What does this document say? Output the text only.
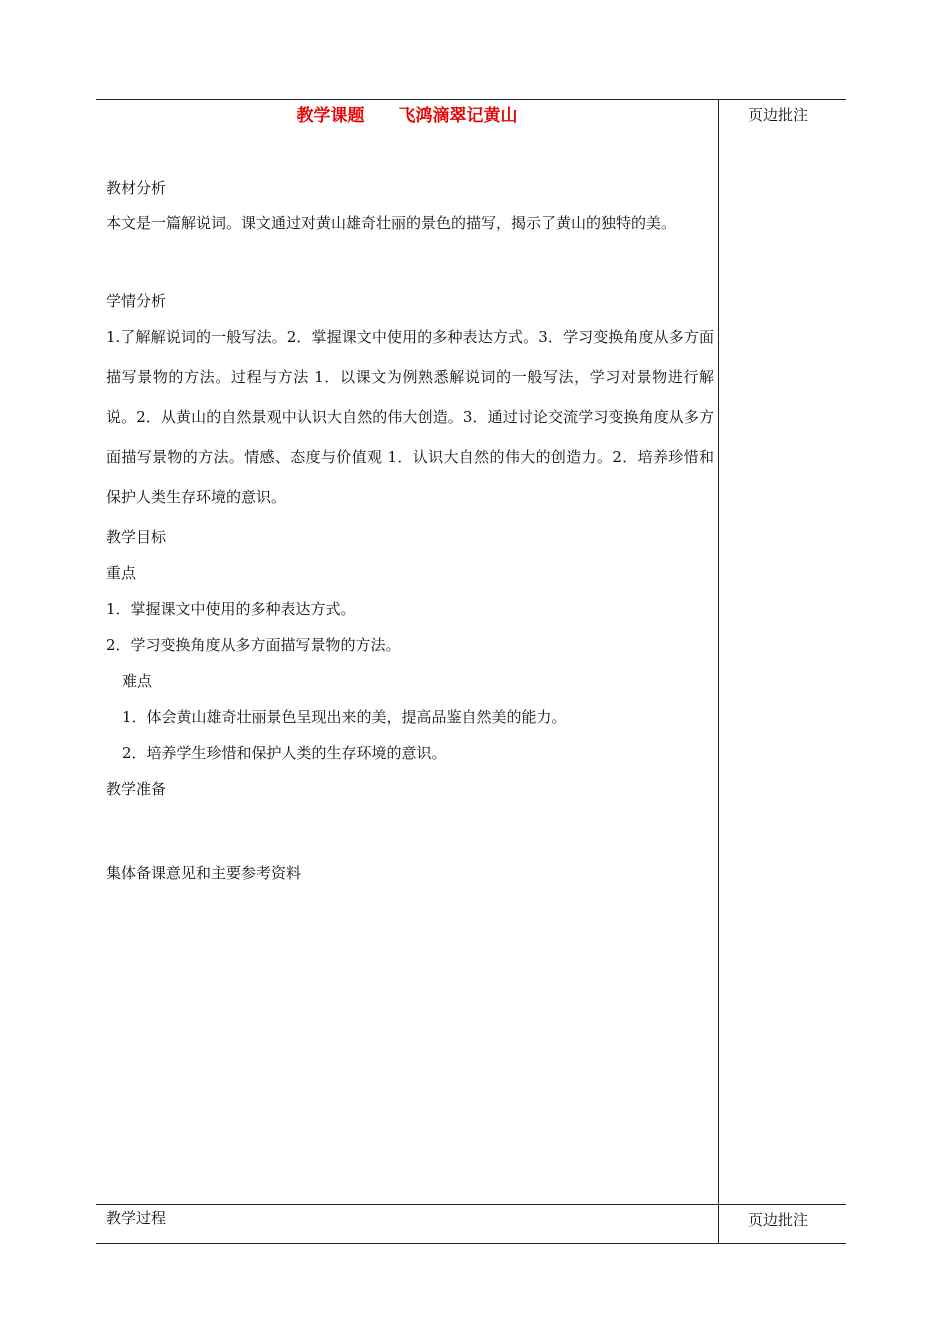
教学课题 飞鸿滴翠记黄山	页边批注
教材分析
本文是一篇解说词。课文通过对黄山雄奇壮丽的景色的描写，揭示了黄山的独特的美。
学情分析
1.了解解说词的一般写法。2．掌握课文中使用的多种表达方式。3．学习变换角度从多方面描写景物的方法。过程与方法 1．以课文为例熟悉解说词的一般写法，学习对景物进行解说。2．从黄山的自然景观中认识大自然的伟大创造。3．通过讨论交流学习变换角度从多方面描写景物的方法。情感、态度与价值观 1．认识大自然的伟大的创造力。2．培养珍惜和保护人类生存环境的意识。
教学目标
重点
1．掌握课文中使用的多种表达方式。
2．学习变换角度从多方面描写景物的方法。
难点
1．体会黄山雄奇壮丽景色呈现出来的美，提高品鉴自然美的能力。
2．培养学生珍惜和保护人类的生存环境的意识。
教学准备
集体备课意见和主要参考资料
教学过程	页边批注
